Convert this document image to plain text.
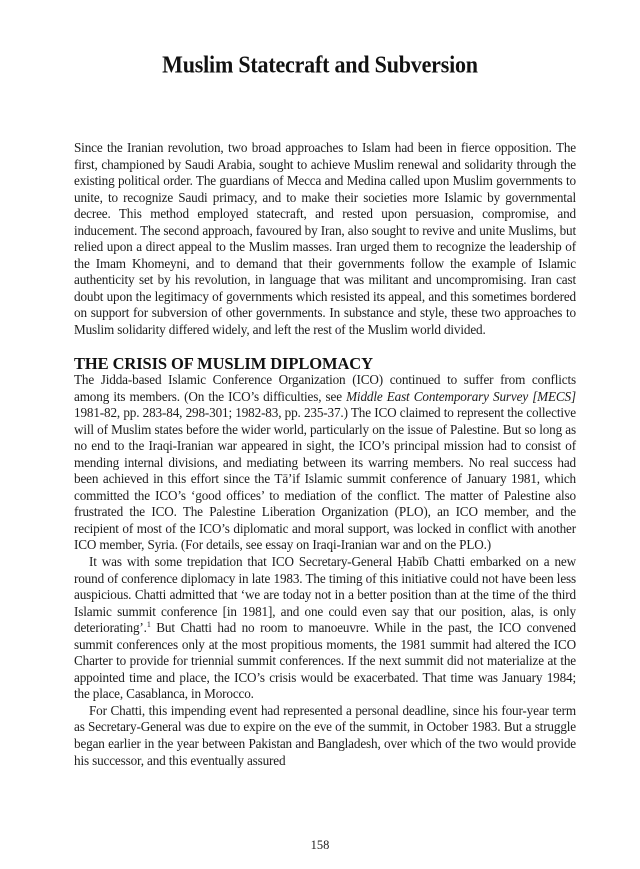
Muslim Statecraft and Subversion

Since the Iranian revolution, two broad approaches to Islam had been in fierce opposition. The first, championed by Saudi Arabia, sought to achieve Muslim renewal and solidarity through the existing political order. The guardians of Mecca and Medina called upon Muslim governments to unite, to recognize Saudi primacy, and to make their societies more Islamic by governmental decree. This method employed statecraft, and rested upon persuasion, compromise, and inducement. The second approach, favoured by Iran, also sought to revive and unite Muslims, but relied upon a direct appeal to the Muslim masses. Iran urged them to recognize the leadership of the Imam Khomeyni, and to demand that their governments follow the example of Islamic authenticity set by his revolution, in language that was militant and uncompromising. Iran cast doubt upon the legitimacy of governments which resisted its appeal, and this sometimes bordered on support for subversion of other governments. In substance and style, these two approaches to Muslim solidarity differed widely, and left the rest of the Muslim world divided.

THE CRISIS OF MUSLIM DIPLOMACY

The Jidda-based Islamic Conference Organization (ICO) continued to suffer from conflicts among its members. (On the ICO’s difficulties, see Middle East Contemporary Survey [MECS] 1981-82, pp. 283-84, 298-301; 1982-83, pp. 235-37.) The ICO claimed to represent the collective will of Muslim states before the wider world, particularly on the issue of Palestine. But so long as no end to the Iraqi-Iranian war appeared in sight, the ICO’s principal mission had to consist of mending internal divisions, and mediating between its warring members. No real success had been achieved in this effort since the Tā’if Islamic summit conference of January 1981, which committed the ICO’s ‘good offices’ to mediation of the conflict. The matter of Palestine also frustrated the ICO. The Palestine Liberation Organization (PLO), an ICO member, and the recipient of most of the ICO’s diplomatic and moral support, was locked in conflict with another ICO member, Syria. (For details, see essay on Iraqi-Iranian war and on the PLO.)

It was with some trepidation that ICO Secretary-General Ḥabīb Chatti embarked on a new round of conference diplomacy in late 1983. The timing of this initiative could not have been less auspicious. Chatti admitted that ‘we are today not in a better position than at the time of the third Islamic summit conference [in 1981], and one could even say that our position, alas, is only deteriorating’.$^1$ But Chatti had no room to manoeuvre. While in the past, the ICO convened summit conferences only at the most propitious moments, the 1981 summit had altered the ICO Charter to provide for triennial summit conferences. If the next summit did not materialize at the appointed time and place, the ICO’s crisis would be exacerbated. That time was January 1984; the place, Casablanca, in Morocco.

For Chatti, this impending event had represented a personal deadline, since his four-year term as Secretary-General was due to expire on the eve of the summit, in October 1983. But a struggle began earlier in the year between Pakistan and Bangladesh, over which of the two would provide his successor, and this eventually assured

158
